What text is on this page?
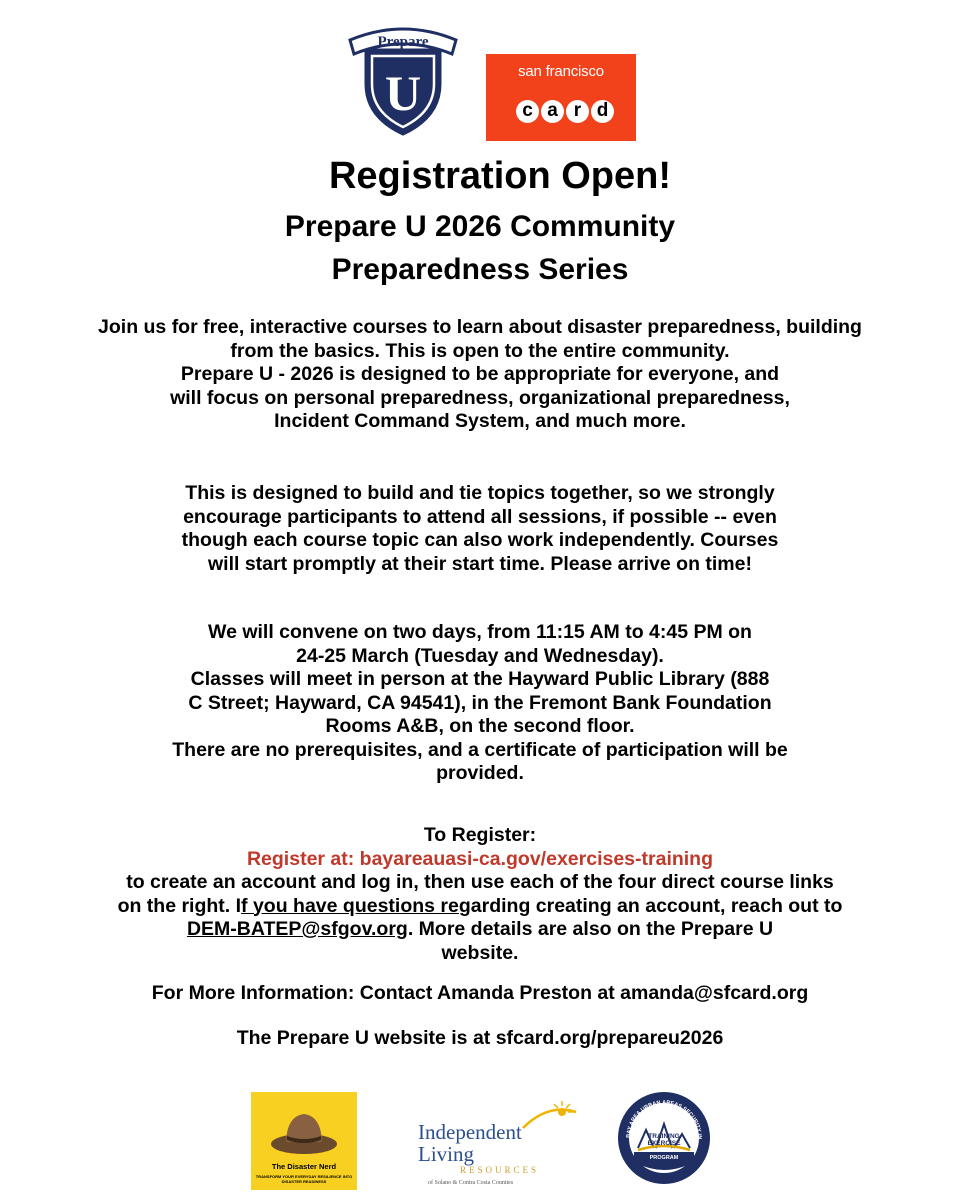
U
Prepare
san francisco
c a r d
Registration Open!
Prepare U 2026 Community
Preparedness Series

Join us for free, interactive courses to learn about disaster preparedness, building

from the basics. This is open to the entire community.

Prepare U - 2026 is designed to be appropriate for everyone, and

will focus on personal preparedness, organizational preparedness,

Incident Command System, and much more.

This is designed to build and tie topics together, so we strongly

encourage participants to attend all sessions, if possible -- even

though each course topic can also work independently. Courses

will start promptly at their start time. Please arrive on time!

We will convene on two days, from 11:15 AM to 4:45 PM on

24-25 March (Tuesday and Wednesday).

Classes will meet in person at the Hayward Public Library (888

C Street; Hayward, CA 94541), in the Fremont Bank Foundation

Rooms A&B, on the second floor.

There are no prerequisites, and a certificate of participation will be

provided.

To Register:

Register at: bayareauasi-ca.gov/exercises-training

to create an account and log in, then use each of the four direct course links

on the right. If you have questions regarding creating an account, reach out to

DEM-BATEP@sfgov.org. More details are also on the Prepare U

website.

For More Information: Contact Amanda Preston at amanda@sfcard.org
The Prepare U website is at sfcard.org/prepareu2026
The Disaster Nerd
TRANSFORM YOUR EVERYDAY RESILIENCE INTO DISASTER READINESS
Independent
Living
RESOURCES
of Solano & Contra Costa Counties
BAY AREA URBAN AREAS SECURITY IN
TRAINING
EXERCISE
PROGRAM
